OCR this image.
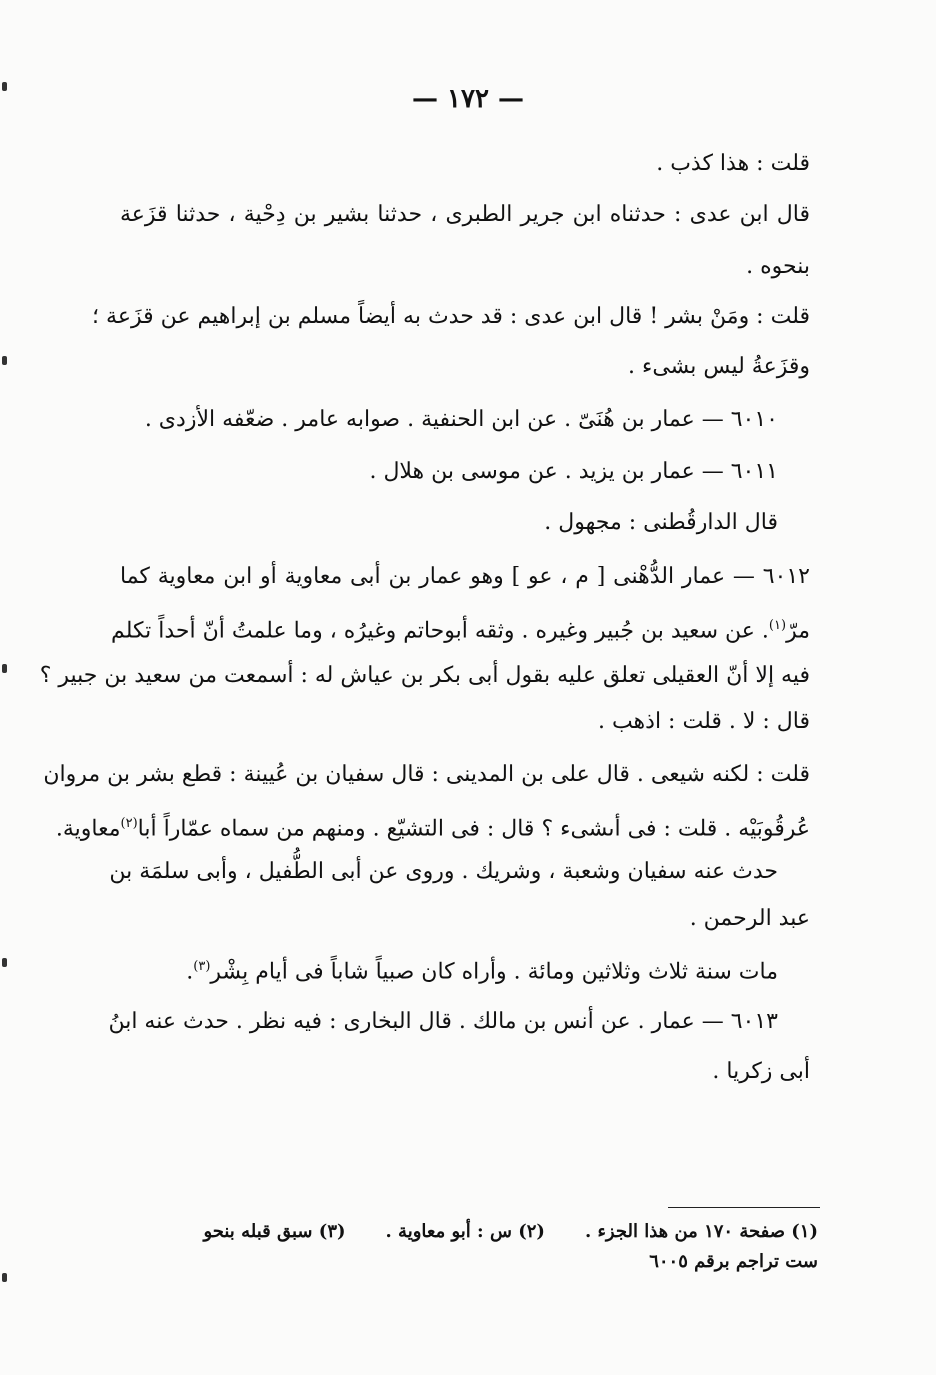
— ١٧٢ —
قلت : هذا كذب .
قال ابن عدى : حدثناه ابن جرير الطبرى ، حدثنا بشير بن دِحْية ، حدثنا قزَعة
بنحوه .
قلت : ومَنْ بشر ! قال ابن عدى : قد حدث به أيضاً مسلم بن إبراهيم عن قزَعة ؛
وقزَعةُ ليس بشىء .
٦٠١٠ — عمار بن هُنَىّ . عن ابن الحنفية . صوابه عامر . ضعّفه الأزدى .
٦٠١١ — عمار بن يزيد . عن موسى بن هلال .
قال الدارقُطنى : مجهول .
٦٠١٢ — عمار الدُّهْنى [ م ، عو ] وهو عمار بن أبى معاوية أو ابن معاوية كما
مرّ$^{(١)}$. عن سعيد بن جُبير وغيره . وثقه أبوحاتم وغيرُه ، وما علمتُ أنّ أحداً تكلم
فيه إلا أنّ العقيلى تعلق عليه بقول أبى بكر بن عياش له : أسمعت من سعيد بن جبير ؟
قال : لا . قلت : اذهب .
قلت : لكنه شيعى . قال على بن المدينى : قال سفيان بن عُيينة : قطع بشر بن مروان
عُرقُوبَيْه . قلت : فى أىشىء ؟ قال : فى التشيّع . ومنهم من سماه عمّاراً أبا$^{(٢)}$معاوية.
حدث عنه سفيان وشعبة ، وشريك . وروى عن أبى الطُّفيل ، وأبى سلمَة بن
عبد الرحمن .
مات سنة ثلاث وثلاثين ومائة . وأراه كان صبياً شاباً فى أيام بِشْر$^{(٣)}$.
٦٠١٣ — عمار . عن أنس بن مالك . قال البخارى : فيه نظر . حدث عنه ابنُ
أبى زكريا .
(١) صفحة ١٧٠ من هذا الجزء .(٢) س : أبو معاوية .(٣) سبق قبله بنحو
ست تراجم برقم ٦٠٠٥
